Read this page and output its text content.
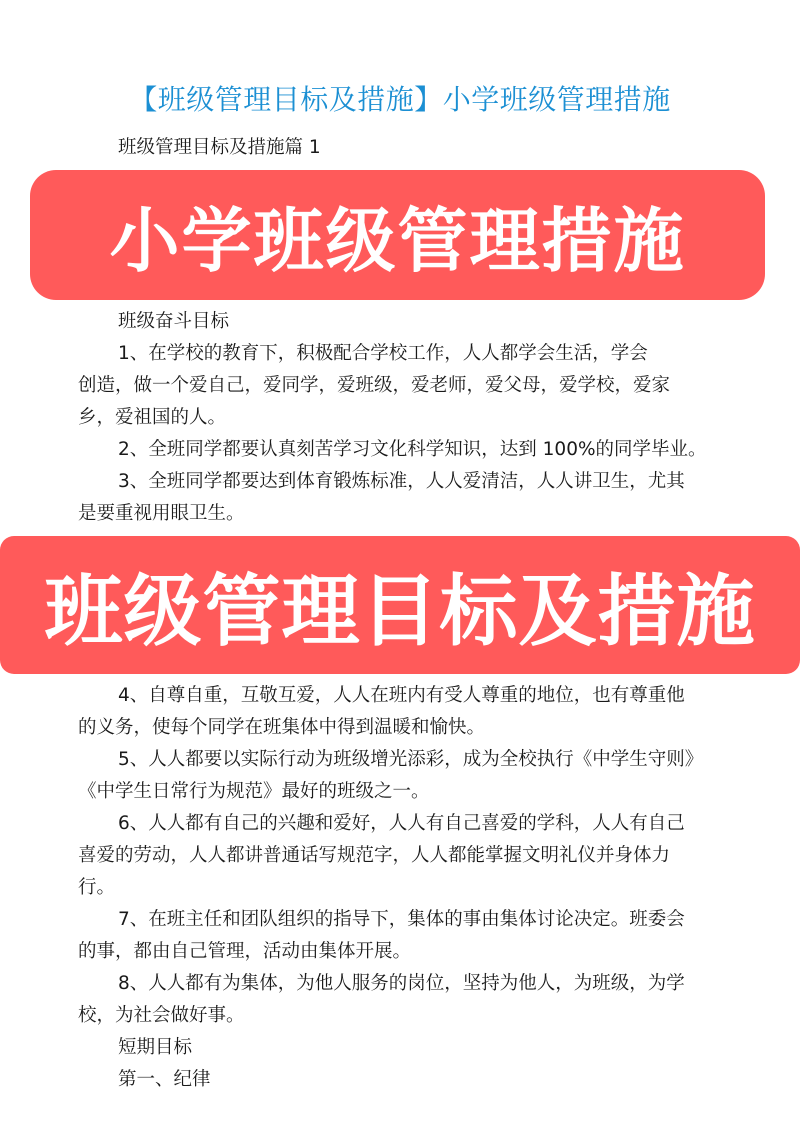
【班级管理目标及措施】小学班级管理措施
班级管理目标及措施篇 1
小学班级管理措施
班级奋斗目标
1、在学校的教育下，积极配合学校工作，人人都学会生活，学会
创造，做一个爱自己，爱同学，爱班级，爱老师，爱父母，爱学校，爱家
乡，爱祖国的人。
2、全班同学都要认真刻苦学习文化科学知识，达到 100%的同学毕业。
3、全班同学都要达到体育锻炼标准，人人爱清洁，人人讲卫生，尤其
是要重视用眼卫生。
班级管理目标及措施
4、自尊自重，互敬互爱，人人在班内有受人尊重的地位，也有尊重他
的义务，使每个同学在班集体中得到温暖和愉快。
5、人人都要以实际行动为班级增光添彩，成为全校执行《中学生守则》
《中学生日常行为规范》最好的班级之一。
6、人人都有自己的兴趣和爱好，人人有自己喜爱的学科，人人有自己
喜爱的劳动，人人都讲普通话写规范字，人人都能掌握文明礼仪并身体力
行。
7、在班主任和团队组织的指导下，集体的事由集体讨论决定。班委会
的事，都由自己管理，活动由集体开展。
8、人人都有为集体，为他人服务的岗位，坚持为他人，为班级，为学
校，为社会做好事。
短期目标
第一、纪律
